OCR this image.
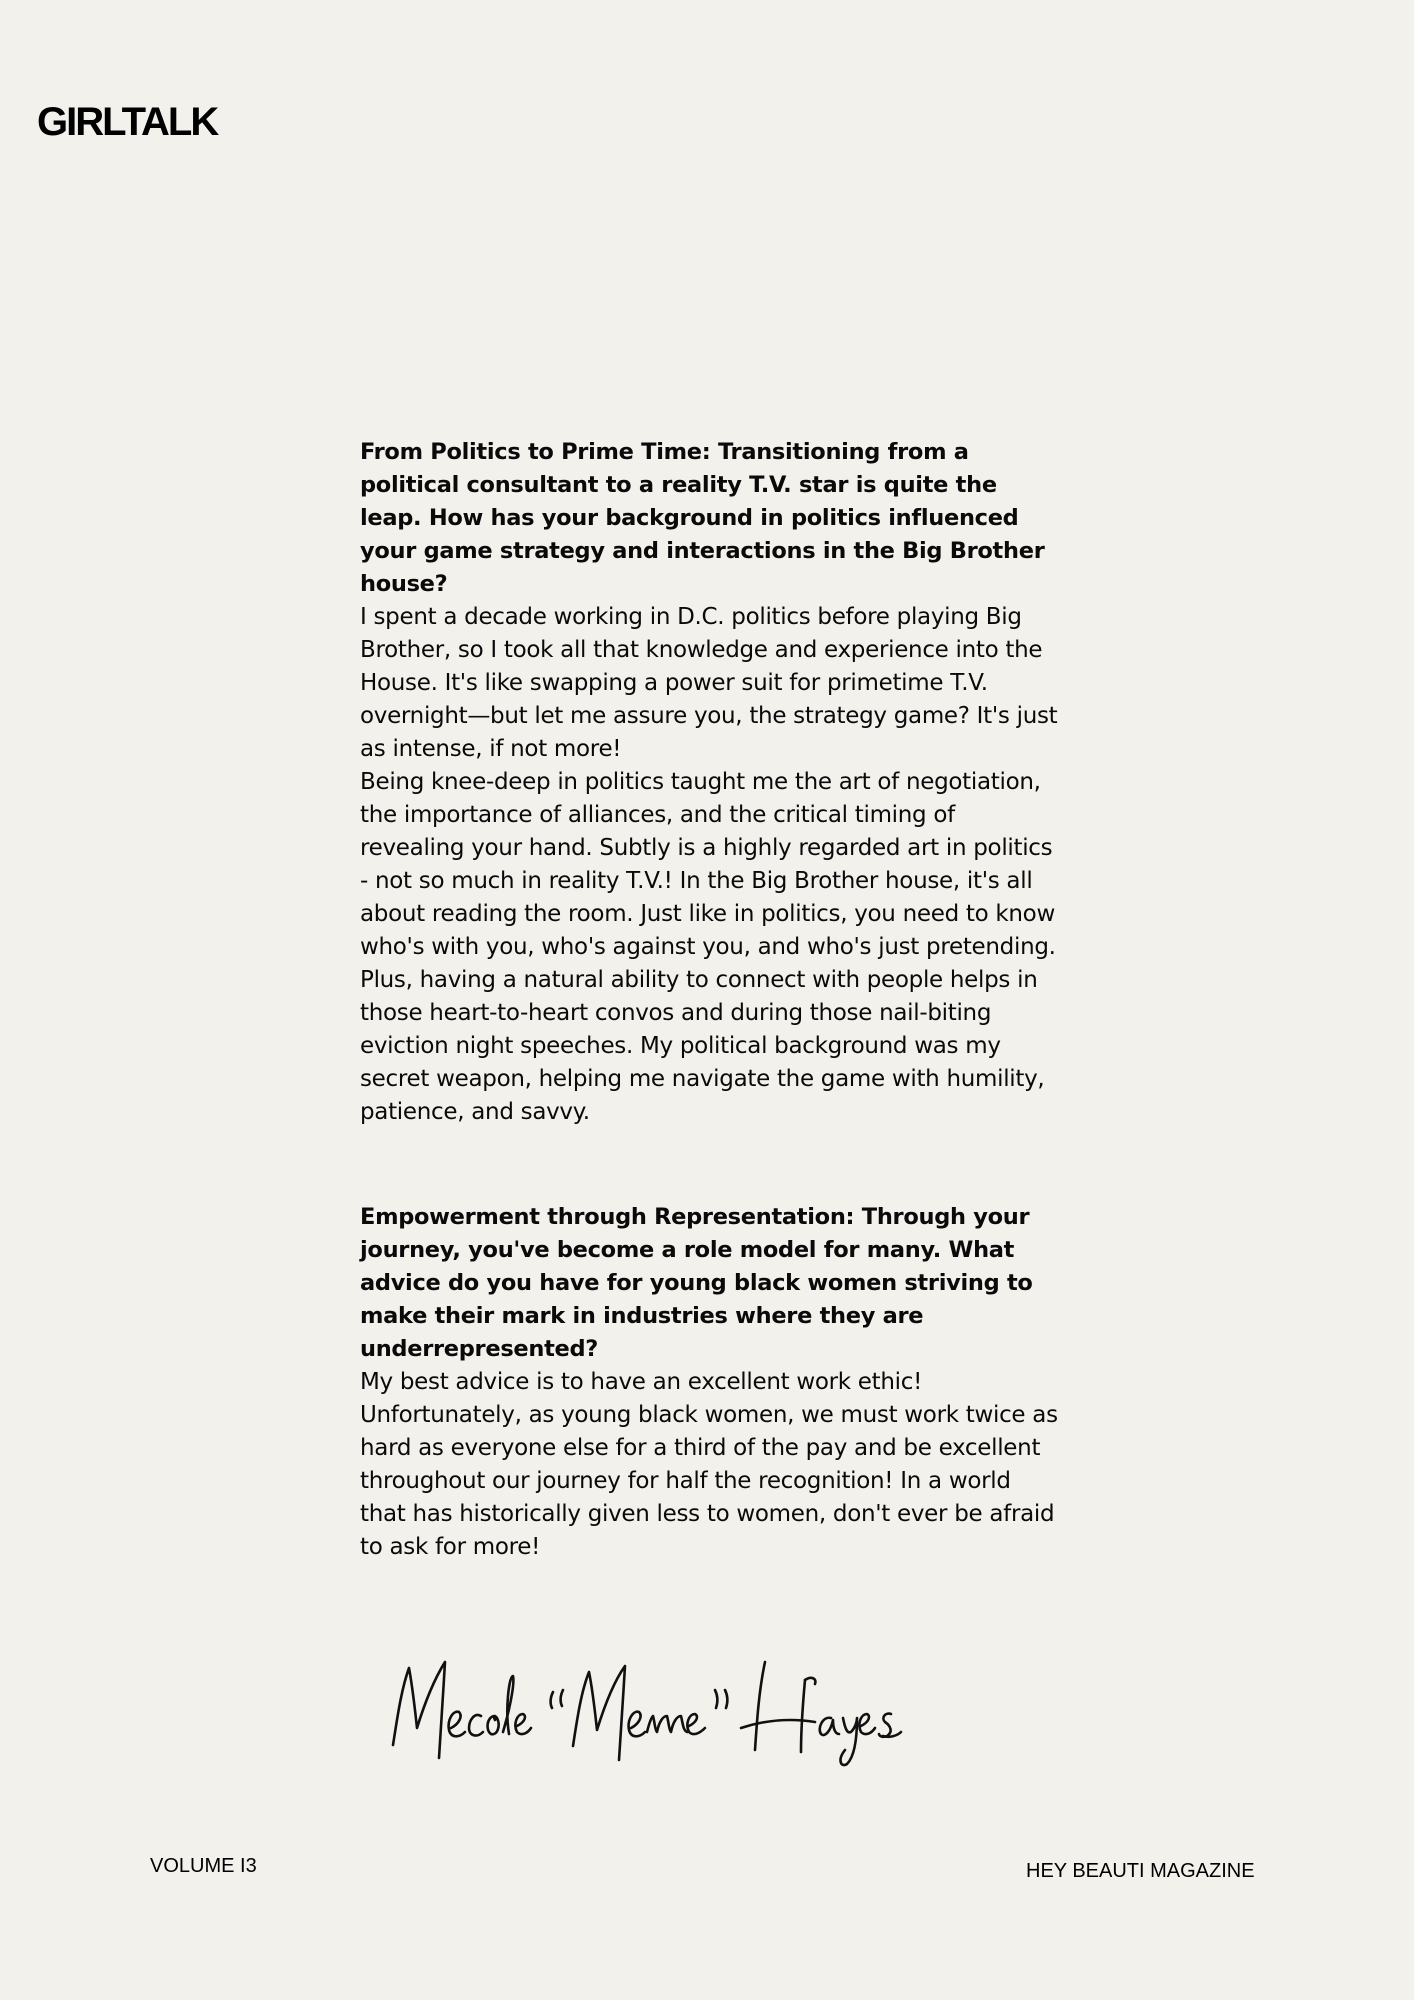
GIRLTALK

From Politics to Prime Time: Transitioning from a political consultant to a reality T.V. star is quite the leap. How has your background in politics influenced your game strategy and interactions in the Big Brother house?

I spent a decade working in D.C. politics before playing Big Brother, so I took all that knowledge and experience into the House. It's like swapping a power suit for primetime T.V. overnight—but let me assure you, the strategy game? It's just as intense, if not more!

Being knee-deep in politics taught me the art of negotiation, the importance of alliances, and the critical timing of revealing your hand. Subtly is a highly regarded art in politics - not so much in reality T.V.! In the Big Brother house, it's all about reading the room. Just like in politics, you need to know who's with you, who's against you, and who's just pretending. Plus, having a natural ability to connect with people helps in those heart-to-heart convos and during those nail-biting eviction night speeches. My political background was my secret weapon, helping me navigate the game with humility, patience, and savvy.

Empowerment through Representation: Through your journey, you've become a role model for many. What advice do you have for young black women striving to make their mark in industries where they are underrepresented?

My best advice is to have an excellent work ethic! Unfortunately, as young black women, we must work twice as hard as everyone else for a third of the pay and be excellent throughout our journey for half the recognition! In a world that has historically given less to women, don't ever be afraid to ask for more!

VOLUME I3	HEY BEAUTI MAGAZINE
